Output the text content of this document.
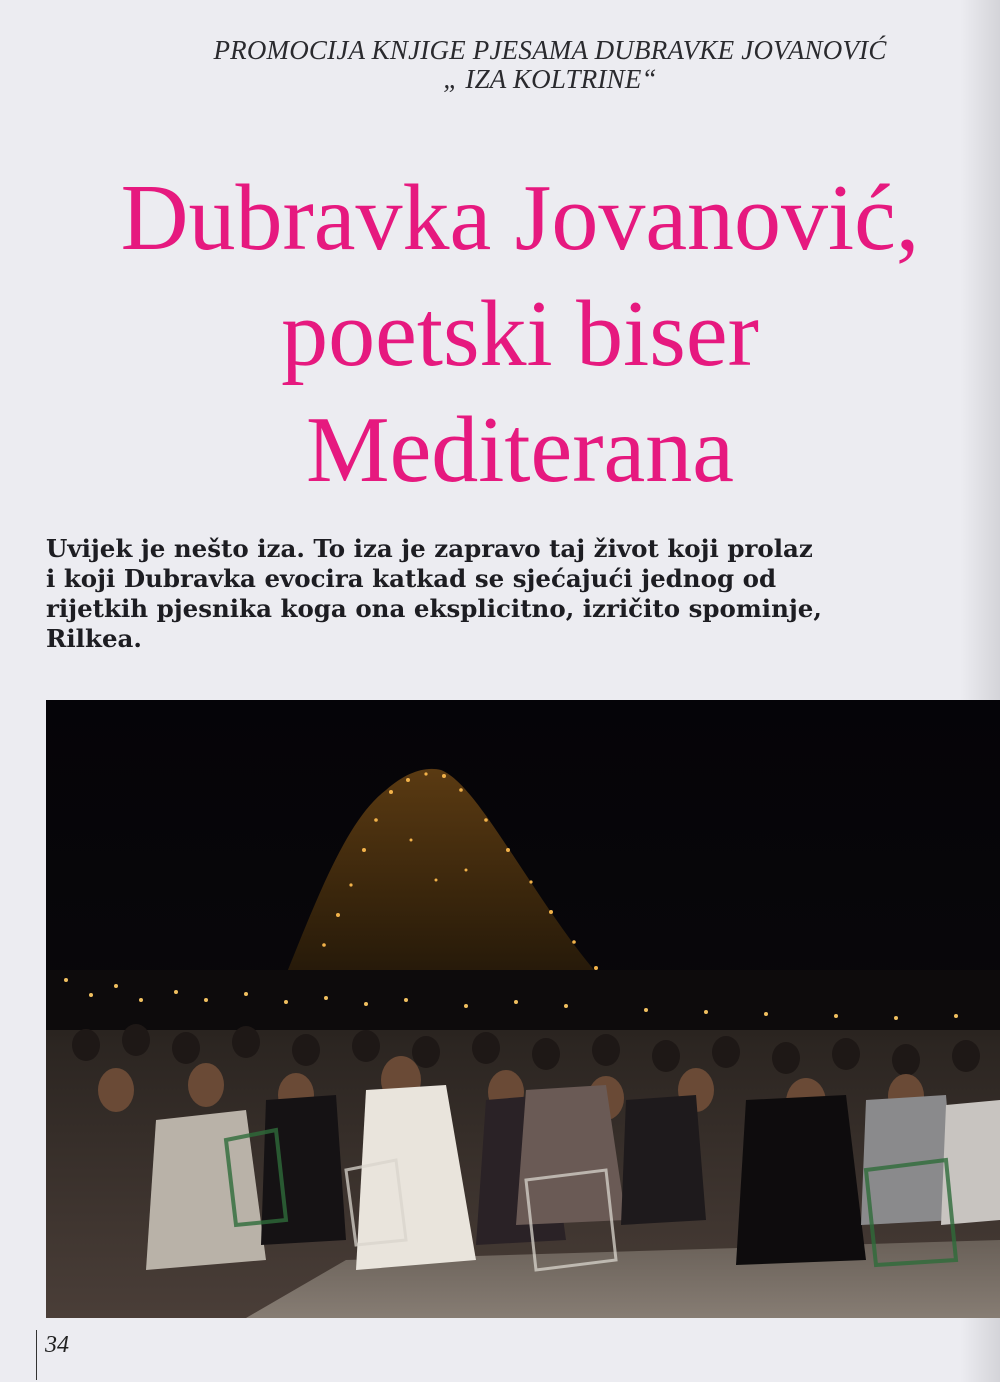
PROMOCIJA KNJIGE PJESAMA DUBRAVKE JOVANOVIĆ
„ IZA KOLTRINE“
Dubravka Jovanović,
poetski biser
Mediterana
Uvijek je nešto iza. To iza je zapravo taj život koji prolaz
i koji Dubravka evocira katkad se sjećajući jednog od
rijetkih pjesnika koga ona eksplicitno, izričito spominje,
Rilkea.
34
